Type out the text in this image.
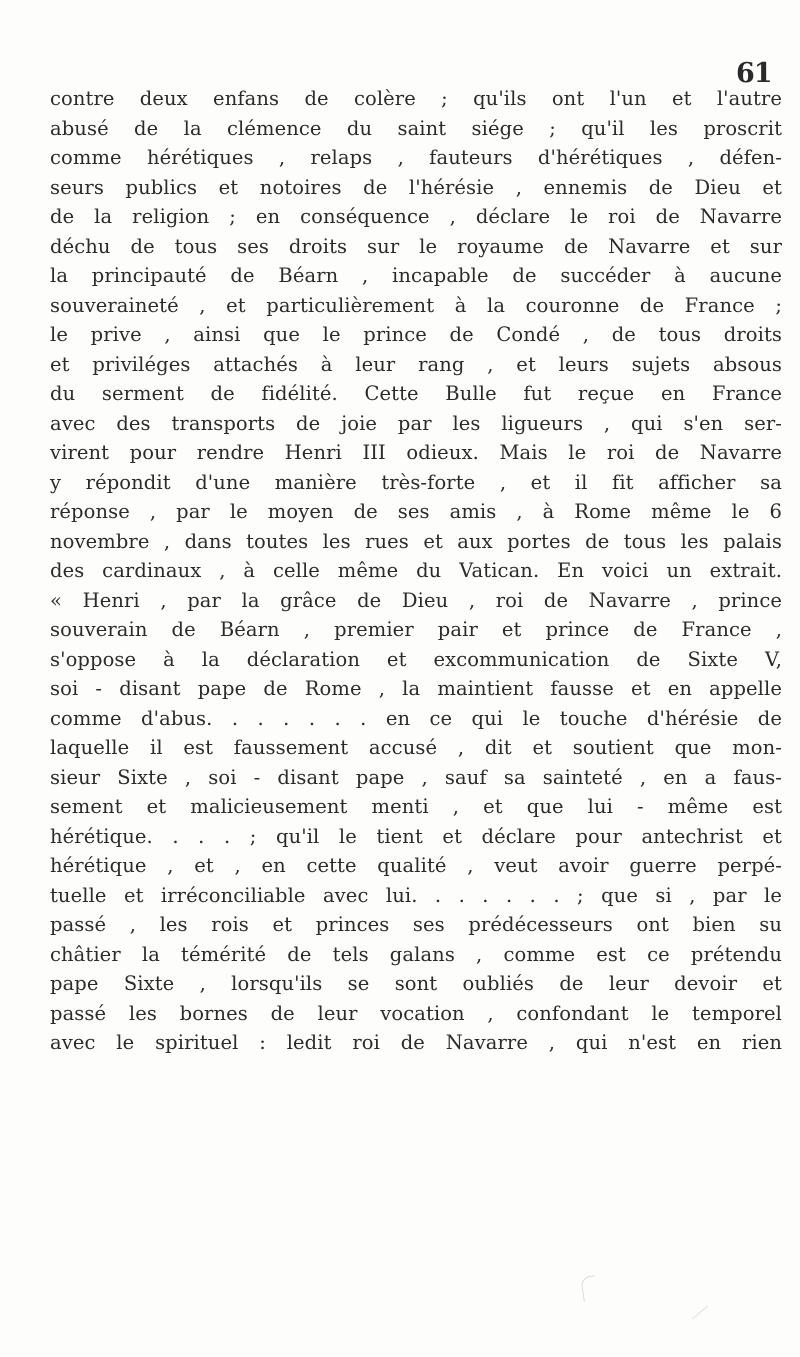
61
contre deux enfans de colère ; qu'ils ont l'un et l'autre
abusé de la clémence du saint siége ; qu'il les proscrit
comme hérétiques , relaps , fauteurs d'hérétiques , défen-
seurs publics et notoires de l'hérésie , ennemis de Dieu et
de la religion ; en conséquence , déclare le roi de Navarre
déchu de tous ses droits sur le royaume de Navarre et sur
la principauté de Béarn , incapable de succéder à aucune
souveraineté , et particulièrement à la couronne de France ;
le prive , ainsi que le prince de Condé , de tous droits
et priviléges attachés à leur rang , et leurs sujets absous
du serment de fidélité. Cette Bulle fut reçue en France
avec des transports de joie par les ligueurs , qui s'en ser-
virent pour rendre Henri III odieux. Mais le roi de Navarre
y répondit d'une manière très-forte , et il fit afficher sa
réponse , par le moyen de ses amis , à Rome même le 6
novembre , dans toutes les rues et aux portes de tous les palais
des cardinaux , à celle même du Vatican. En voici un extrait.
« Henri , par la grâce de Dieu , roi de Navarre , prince
souverain de Béarn , premier pair et prince de France ,
s'oppose à la déclaration et excommunication de Sixte V,
soi - disant pape de Rome , la maintient fausse et en appelle
comme d'abus. . . . . . . en ce qui le touche d'hérésie de
laquelle il est faussement accusé , dit et soutient que mon-
sieur Sixte , soi - disant pape , sauf sa sainteté , en a faus-
sement et malicieusement menti , et que lui - même est
hérétique. . . . ; qu'il le tient et déclare pour antechrist et
hérétique , et , en cette qualité , veut avoir guerre perpé-
tuelle et irréconciliable avec lui. . . . . . . ; que si , par le
passé , les rois et princes ses prédécesseurs ont bien su
châtier la témérité de tels galans , comme est ce prétendu
pape Sixte , lorsqu'ils se sont oubliés de leur devoir et
passé les bornes de leur vocation , confondant le temporel
avec le spirituel : ledit roi de Navarre , qui n'est en rien
